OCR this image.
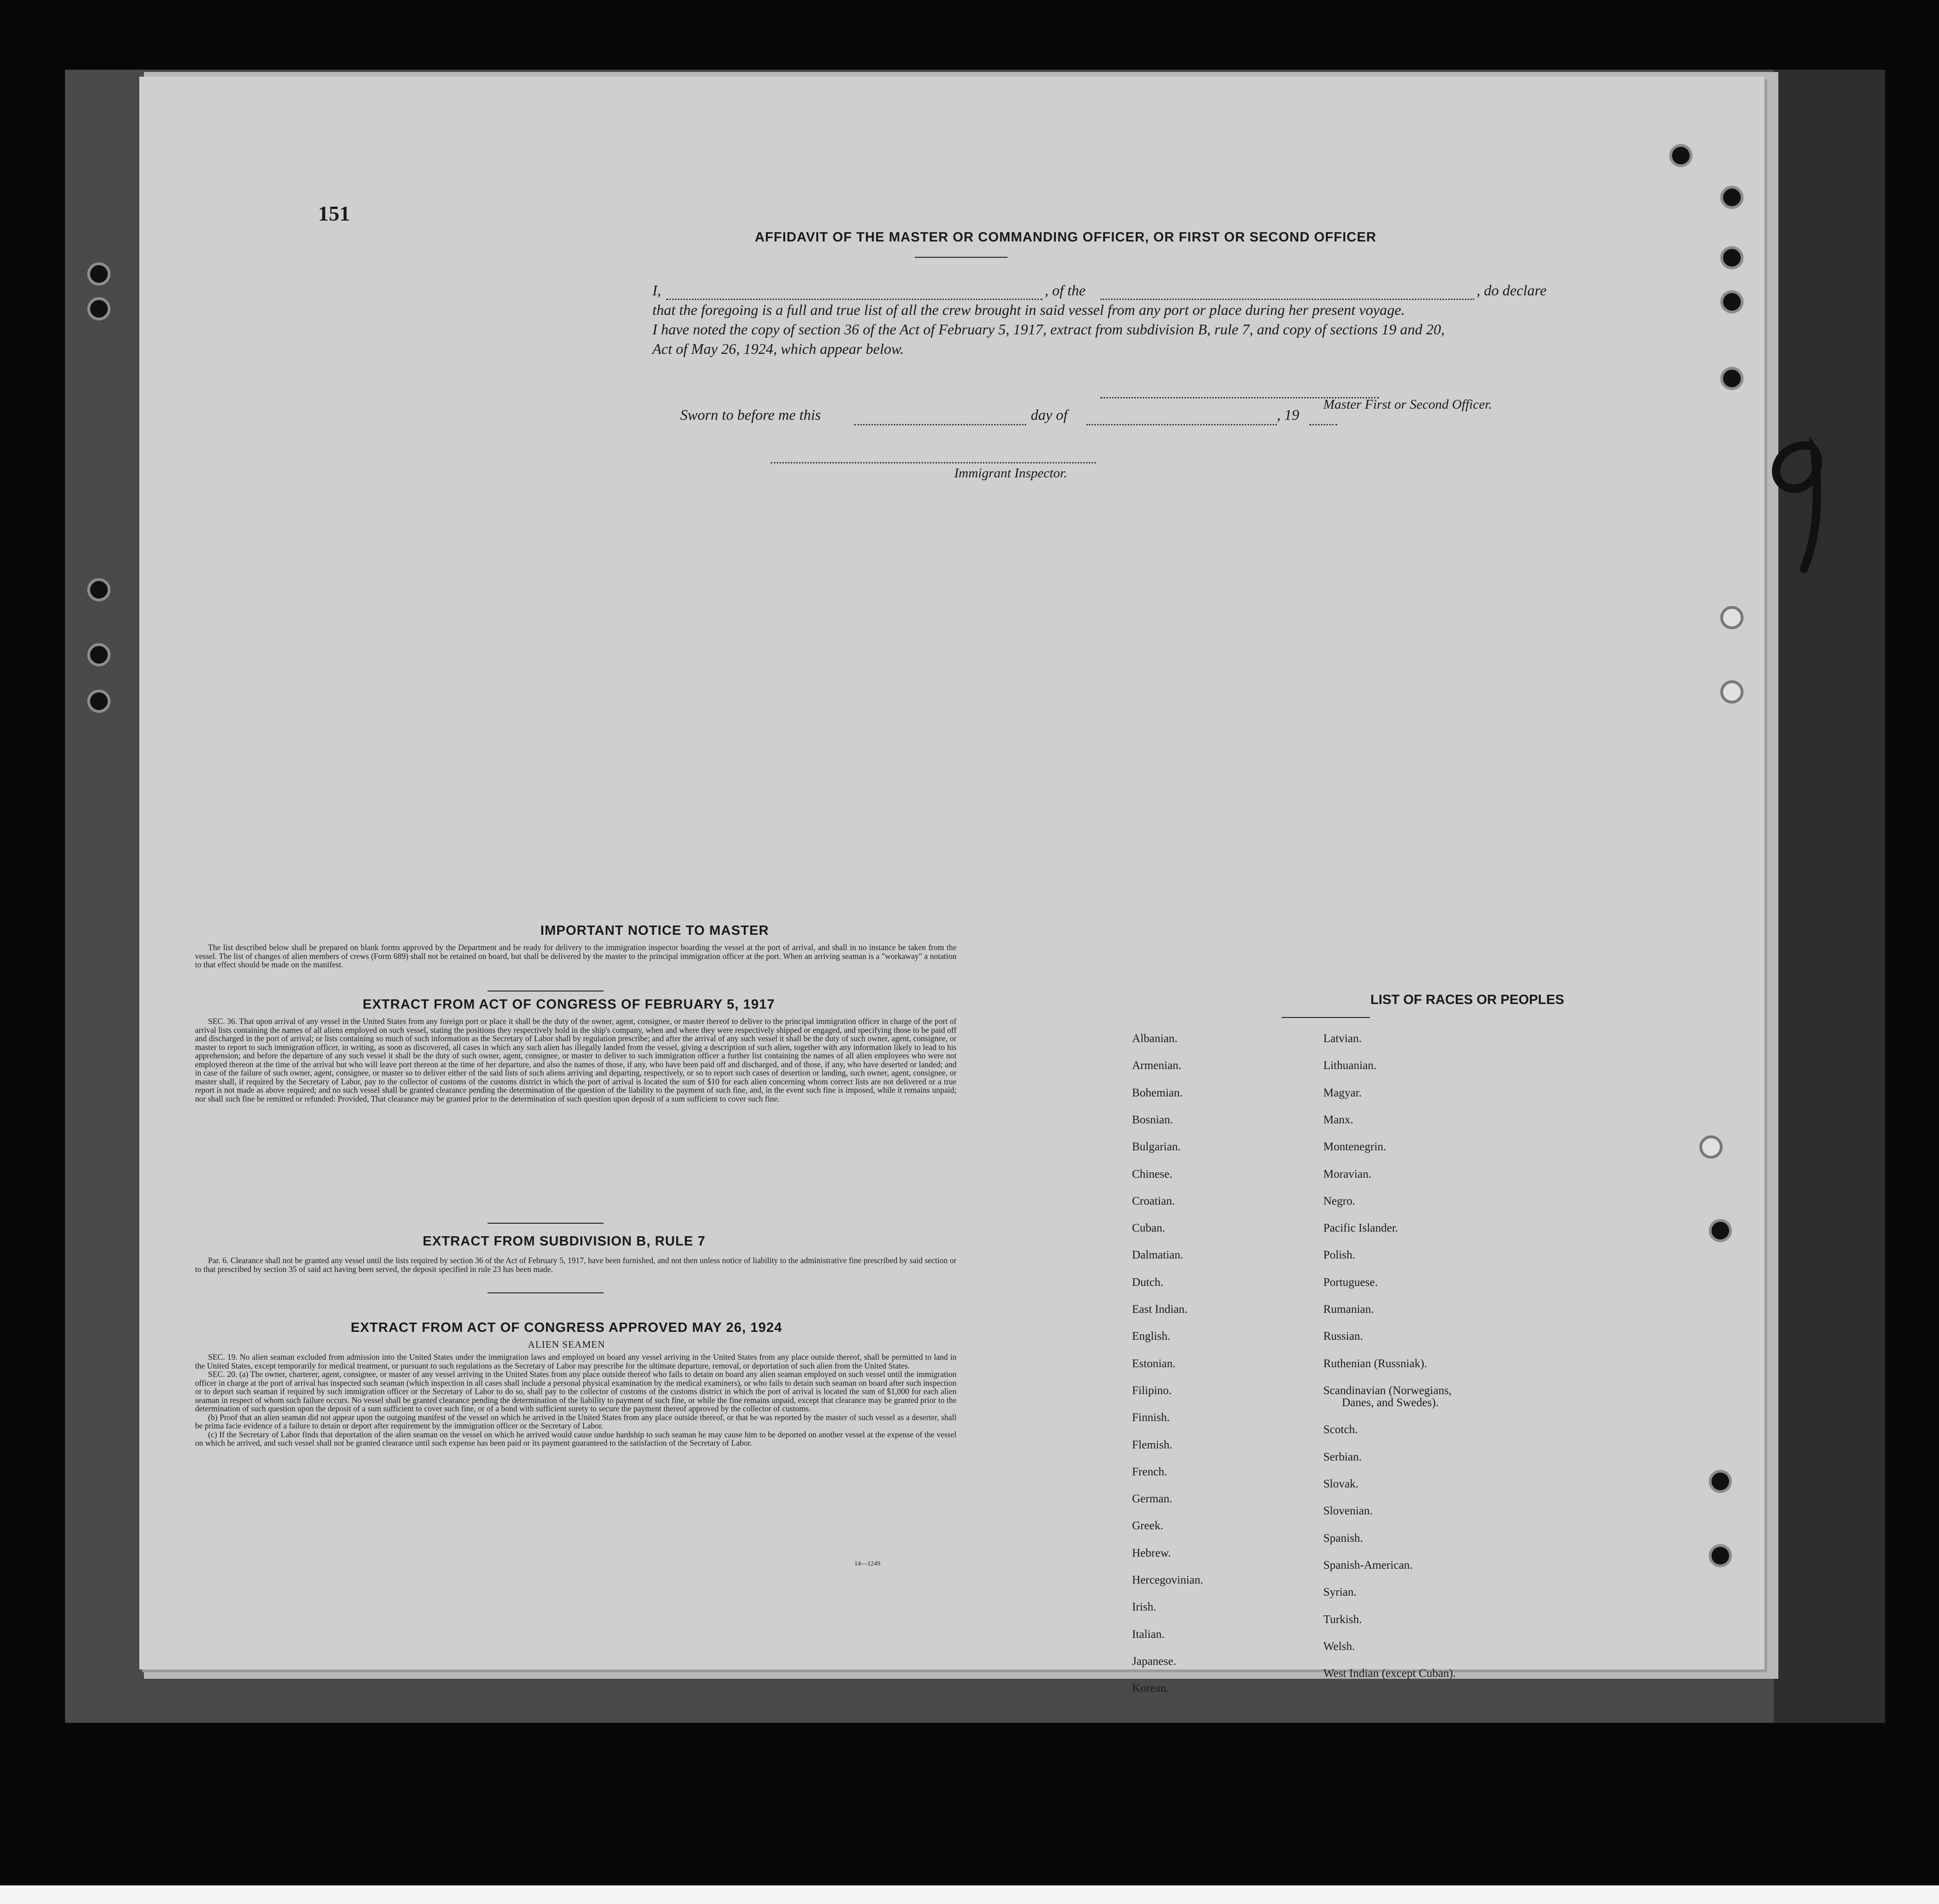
151
AFFIDAVIT OF THE MASTER OR COMMANDING OFFICER, OR FIRST OR SECOND OFFICER
I,	, of the	, do declare
that the foregoing is a full and true list of all the crew brought in said vessel from any port or place during her present voyage.
I have noted the copy of section 36 of the Act of February 5, 1917, extract from subdivision B, rule 7, and copy of sections 19 and 20,
Act of May 26, 1924, which appear below.
Master First or Second Officer.
Sworn to before me this	day of	, 19
Immigrant Inspector.
IMPORTANT NOTICE TO MASTER

The list described below shall be prepared on blank forms approved by the Department and be ready for delivery to the immigration inspector boarding the vessel at the port of arrival, and shall in no instance be taken from the vessel. The list of changes of alien members of crews (Form 689) shall not be retained on board, but shall be delivered by the master to the principal immigration officer at the port. When an arriving seaman is a "workaway" a notation to that effect should be made on the manifest.

EXTRACT FROM ACT OF CONGRESS OF FEBRUARY 5, 1917

SEC. 36. That upon arrival of any vessel in the United States from any foreign port or place it shall be the duty of the owner, agent, consignee, or master thereof to deliver to the principal immigration officer in charge of the port of arrival lists containing the names of all aliens employed on such vessel, stating the positions they respectively hold in the ship's company, when and where they were respectively shipped or engaged, and specifying those to be paid off and discharged in the port of arrival; or lists containing so much of such information as the Secretary of Labor shall by regulation prescribe; and after the arrival of any such vessel it shall be the duty of such owner, agent, consignee, or master to report to such immigration officer, in writing, as soon as discovered, all cases in which any such alien has illegally landed from the vessel, giving a description of such alien, together with any information likely to lead to his apprehension; and before the departure of any such vessel it shall be the duty of such owner, agent, consignee, or master to deliver to such immigration officer a further list containing the names of all alien employees who were not employed thereon at the time of the arrival but who will leave port thereon at the time of her departure, and also the names of those, if any, who have been paid off and discharged, and of those, if any, who have deserted or landed; and in case of the failure of such owner, agent, consignee, or master so to deliver either of the said lists of such aliens arriving and departing, respectively, or so to report such cases of desertion or landing, such owner, agent, consignee, or master shall, if required by the Secretary of Labor, pay to the collector of customs of the customs district in which the port of arrival is located the sum of $10 for each alien concerning whom correct lists are not delivered or a true report is not made as above required; and no such vessel shall be granted clearance pending the determination of the question of the liability to the payment of such fine, and, in the event such fine is imposed, while it remains unpaid; nor shall such fine be remitted or refunded: Provided, That clearance may be granted prior to the determination of such question upon deposit of a sum sufficient to cover such fine.

EXTRACT FROM SUBDIVISION B, RULE 7

Par. 6. Clearance shall not be granted any vessel until the lists required by section 36 of the Act of February 5, 1917, have been furnished, and not then unless notice of liability to the administrative fine prescribed by said section or to that prescribed by section 35 of said act having been served, the deposit specified in rule 23 has been made.

EXTRACT FROM ACT OF CONGRESS APPROVED MAY 26, 1924
ALIEN SEAMEN

SEC. 19. No alien seaman excluded from admission into the United States under the immigration laws and employed on board any vessel arriving in the United States from any place outside thereof, shall be permitted to land in the United States, except temporarily for medical treatment, or pursuant to such regulations as the Secretary of Labor may prescribe for the ultimate departure, removal, or deportation of such alien from the United States.

SEC. 20. (a) The owner, charterer, agent, consignee, or master of any vessel arriving in the United States from any place outside thereof who fails to detain on board any alien seaman employed on such vessel until the immigration officer in charge at the port of arrival has inspected such seaman (which inspection in all cases shall include a personal physical examination by the medical examiners), or who fails to detain such seaman on board after such inspection or to deport such seaman if required by such immigration officer or the Secretary of Labor to do so, shall pay to the collector of customs of the customs district in which the port of arrival is located the sum of $1,000 for each alien seaman in respect of whom such failure occurs. No vessel shall be granted clearance pending the determination of the liability to payment of such fine, or while the fine remains unpaid, except that clearance may be granted prior to the determination of such question upon the deposit of a sum sufficient to cover such fine, or of a bond with sufficient surety to secure the payment thereof approved by the collector of customs.

(b) Proof that an alien seaman did not appear upon the outgoing manifest of the vessel on which he arrived in the United States from any place outside thereof, or that he was reported by the master of such vessel as a deserter, shall be prima facie evidence of a failure to detain or deport after requirement by the immigration officer or the Secretary of Labor.

(c) If the Secretary of Labor finds that deportation of the alien seaman on the vessel on which he arrived would cause undue hardship to such seaman he may cause him to be deported on another vessel at the expense of the vessel on which he arrived, and such vessel shall not be granted clearance until such expense has been paid or its payment guaranteed to the satisfaction of the Secretary of Labor.

14—1249
LIST OF RACES OR PEOPLES
Albanian.
Armenian.
Bohemian.
Bosnian.
Bulgarian.
Chinese.
Croatian.
Cuban.
Dalmatian.
Dutch.
East Indian.
English.
Estonian.
Filipino.
Finnish.
Flemish.
French.
German.
Greek.
Hebrew.
Hercegovinian.
Irish.
Italian.
Japanese.
Korean.
Latvian.
Lithuanian.
Magyar.
Manx.
Montenegrin.
Moravian.
Negro.
Pacific Islander.
Polish.
Portuguese.
Rumanian.
Russian.
Ruthenian (Russniak).
Scandinavian (Norwegians,
Danes, and Swedes).
Scotch.
Serbian.
Slovak.
Slovenian.
Spanish.
Spanish-American.
Syrian.
Turkish.
Welsh.
West Indian (except Cuban).
